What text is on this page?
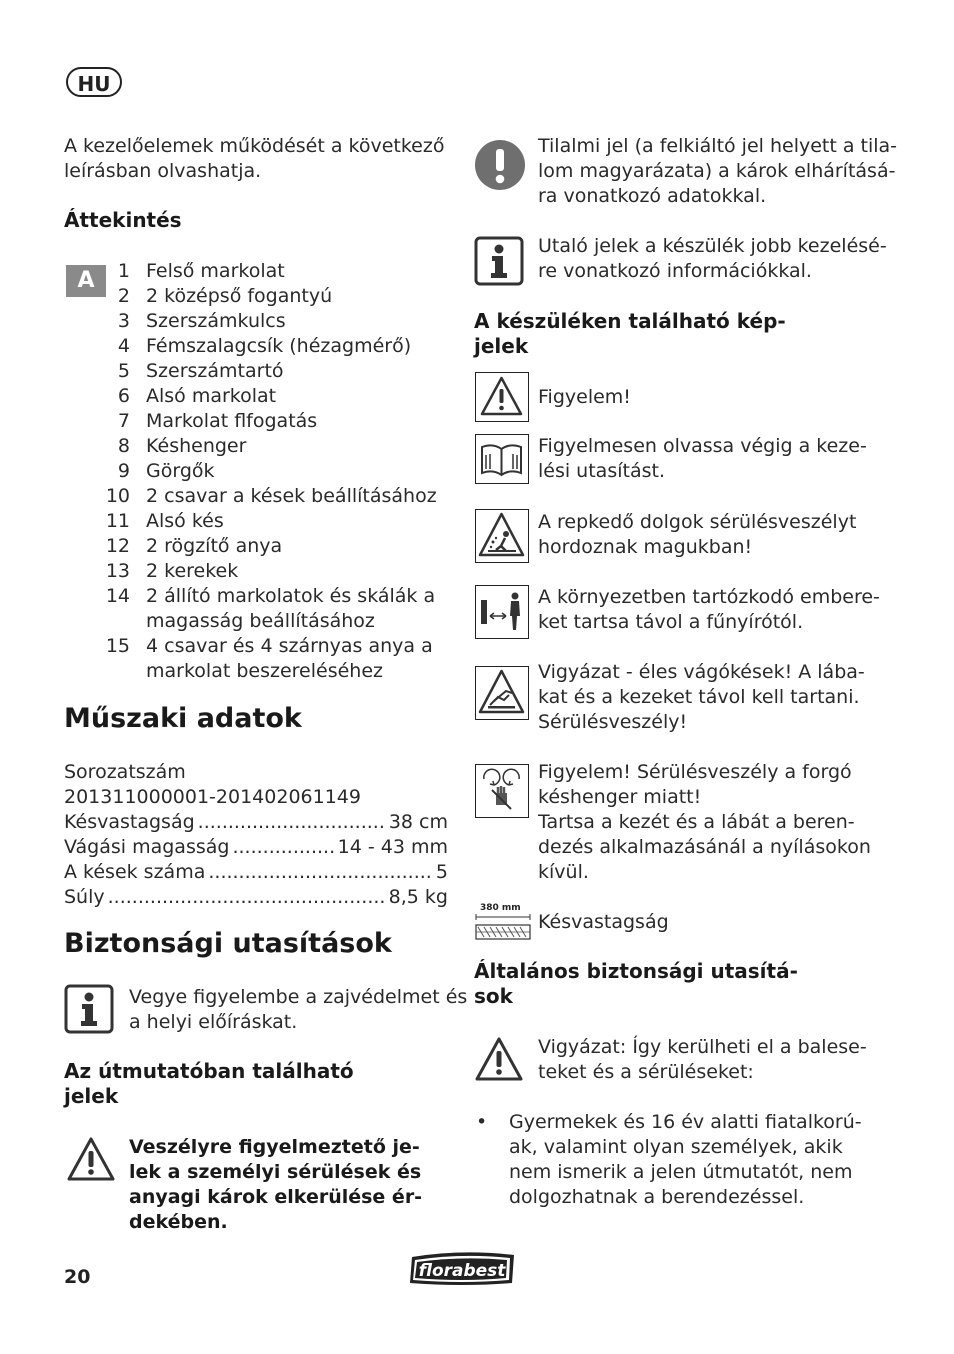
HU
A kezelőelemek működését a következő
leírásban olvashatja.
Áttekintés
A	1 Felső markolat
2 2 középső fogantyú
3 Szerszámkulcs
4 Fémszalagcsík (hézagmérő)
5 Szerszámtartó
6 Alsó markolat
7 Markolat flfogatás
8 Késhenger
9 Görgők
10 2 csavar a kések beállításához
11 Alsó kés
12 2 rögzítő anya
13 2 kerekek
14 2 állító markolatok és skálák a
magasság beállításához
15 4 csavar és 4 szárnyas anya a
markolat beszereléséhez
Műszaki adatok
Sorozatszám
201311000001-201402061149
Késvastagság .....	38 cm
Vágási magasság .....	14 - 43 mm
A kések száma .....	5
Súly .....	8,5 kg
Biztonsági utasítások
Vegye figyelembe a zajvédelmet és
a helyi előíráskat.
Az útmutatóban található
jelek
Veszélyre figyelmeztető je-
lek a személyi sérülések és
anyagi károk elkerülése ér-
dekében.
Tilalmi jel (a felkiáltó jel helyett a tila-
lom magyarázata) a károk elhárításá-
ra vonatkozó adatokkal.
Utaló jelek a készülék jobb kezelésé-
re vonatkozó információkkal.
A készüléken található kép-
jelek
Figyelem!
Figyelmesen olvassa végig a keze-
lési utasítást.
A repkedő dolgok sérülésveszélyt
hordoznak magukban!
A környezetben tartózkodó embere-
ket tartsa távol a fűnyírótól.
Vigyázat - éles vágókések! A lába-
kat és a kezeket távol kell tartani.
Sérülésveszély!
Figyelem! Sérülésveszély a forgó
késhenger miatt!
Tartsa a kezét és a lábát a beren-
dezés alkalmazásánál a nyílásokon
kívül.
380 mm
Késvastagság
Általános biztonsági utasítá-
sok
Vigyázat: Így kerülheti el a balese-
teket és a sérüléseket:
• Gyermekek és 16 év alatti fiatalkorú-
ak, valamint olyan személyek, akik
nem ismerik a jelen útmutatót, nem
dolgozhatnak a berendezéssel.
20	florabest
